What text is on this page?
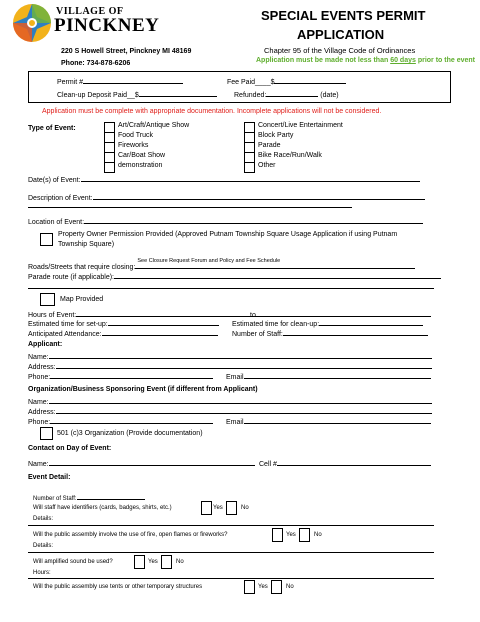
VILLAGE OF
PINCKNEY
220 S Howell Street, Pinckney MI 48169
Phone: 734-878-6206
SPECIAL EVENTS PERMIT
APPLICATION
Chapter 95 of the Village Code of Ordinances
Application must be made not less than 60 days prior to the event
Permit #	Fee Paid____$
Clean-up Deposit Paid__$	Refunded:	(date)
Application must be complete with appropriate documentation. Incomplete applications will not be considered.
Type of Event:	Art/Craft/Antique Show
Food Truck
Fireworks
Car/Boat Show
demonstration
Concert/Live Entertainment
Block Party
Parade
Bike Race/Run/Walk
Other
Date(s) of Event:
Description of Event:
Location of Event:
Property Owner Permission Provided (Approved Putnam Township Square Usage Application if using Putnam
Township Square)
Roads/Streets that require closing:
See Closure Request Forum and Policy and Fee Schedule
Parade route (if applicable):
Map Provided
Hours of Event:	to
Estimated time for set-up:	Estimated time for clean-up:
Anticipated Attendance:	Number of Staff:
Applicant:
Name:
Address:
Phone:	Email
Organization/Business Sponsoring Event (if different from Applicant)
Name:
Address:
Phone:	Email
501 (c)3 Organization (Provide documentation)
Contact on Day of Event:
Name:	Cell #
Event Detail:
Number of Staff:
Will staff have identifiers (cards, badges, shirts, etc.)	Yes	No
Details:
Will the public assembly involve the use of fire, open flames or fireworks?	Yes	No
Details:
Will amplified sound be used?	Yes	No
Hours:
Will the public assembly use tents or other temporary structures	Yes	No
